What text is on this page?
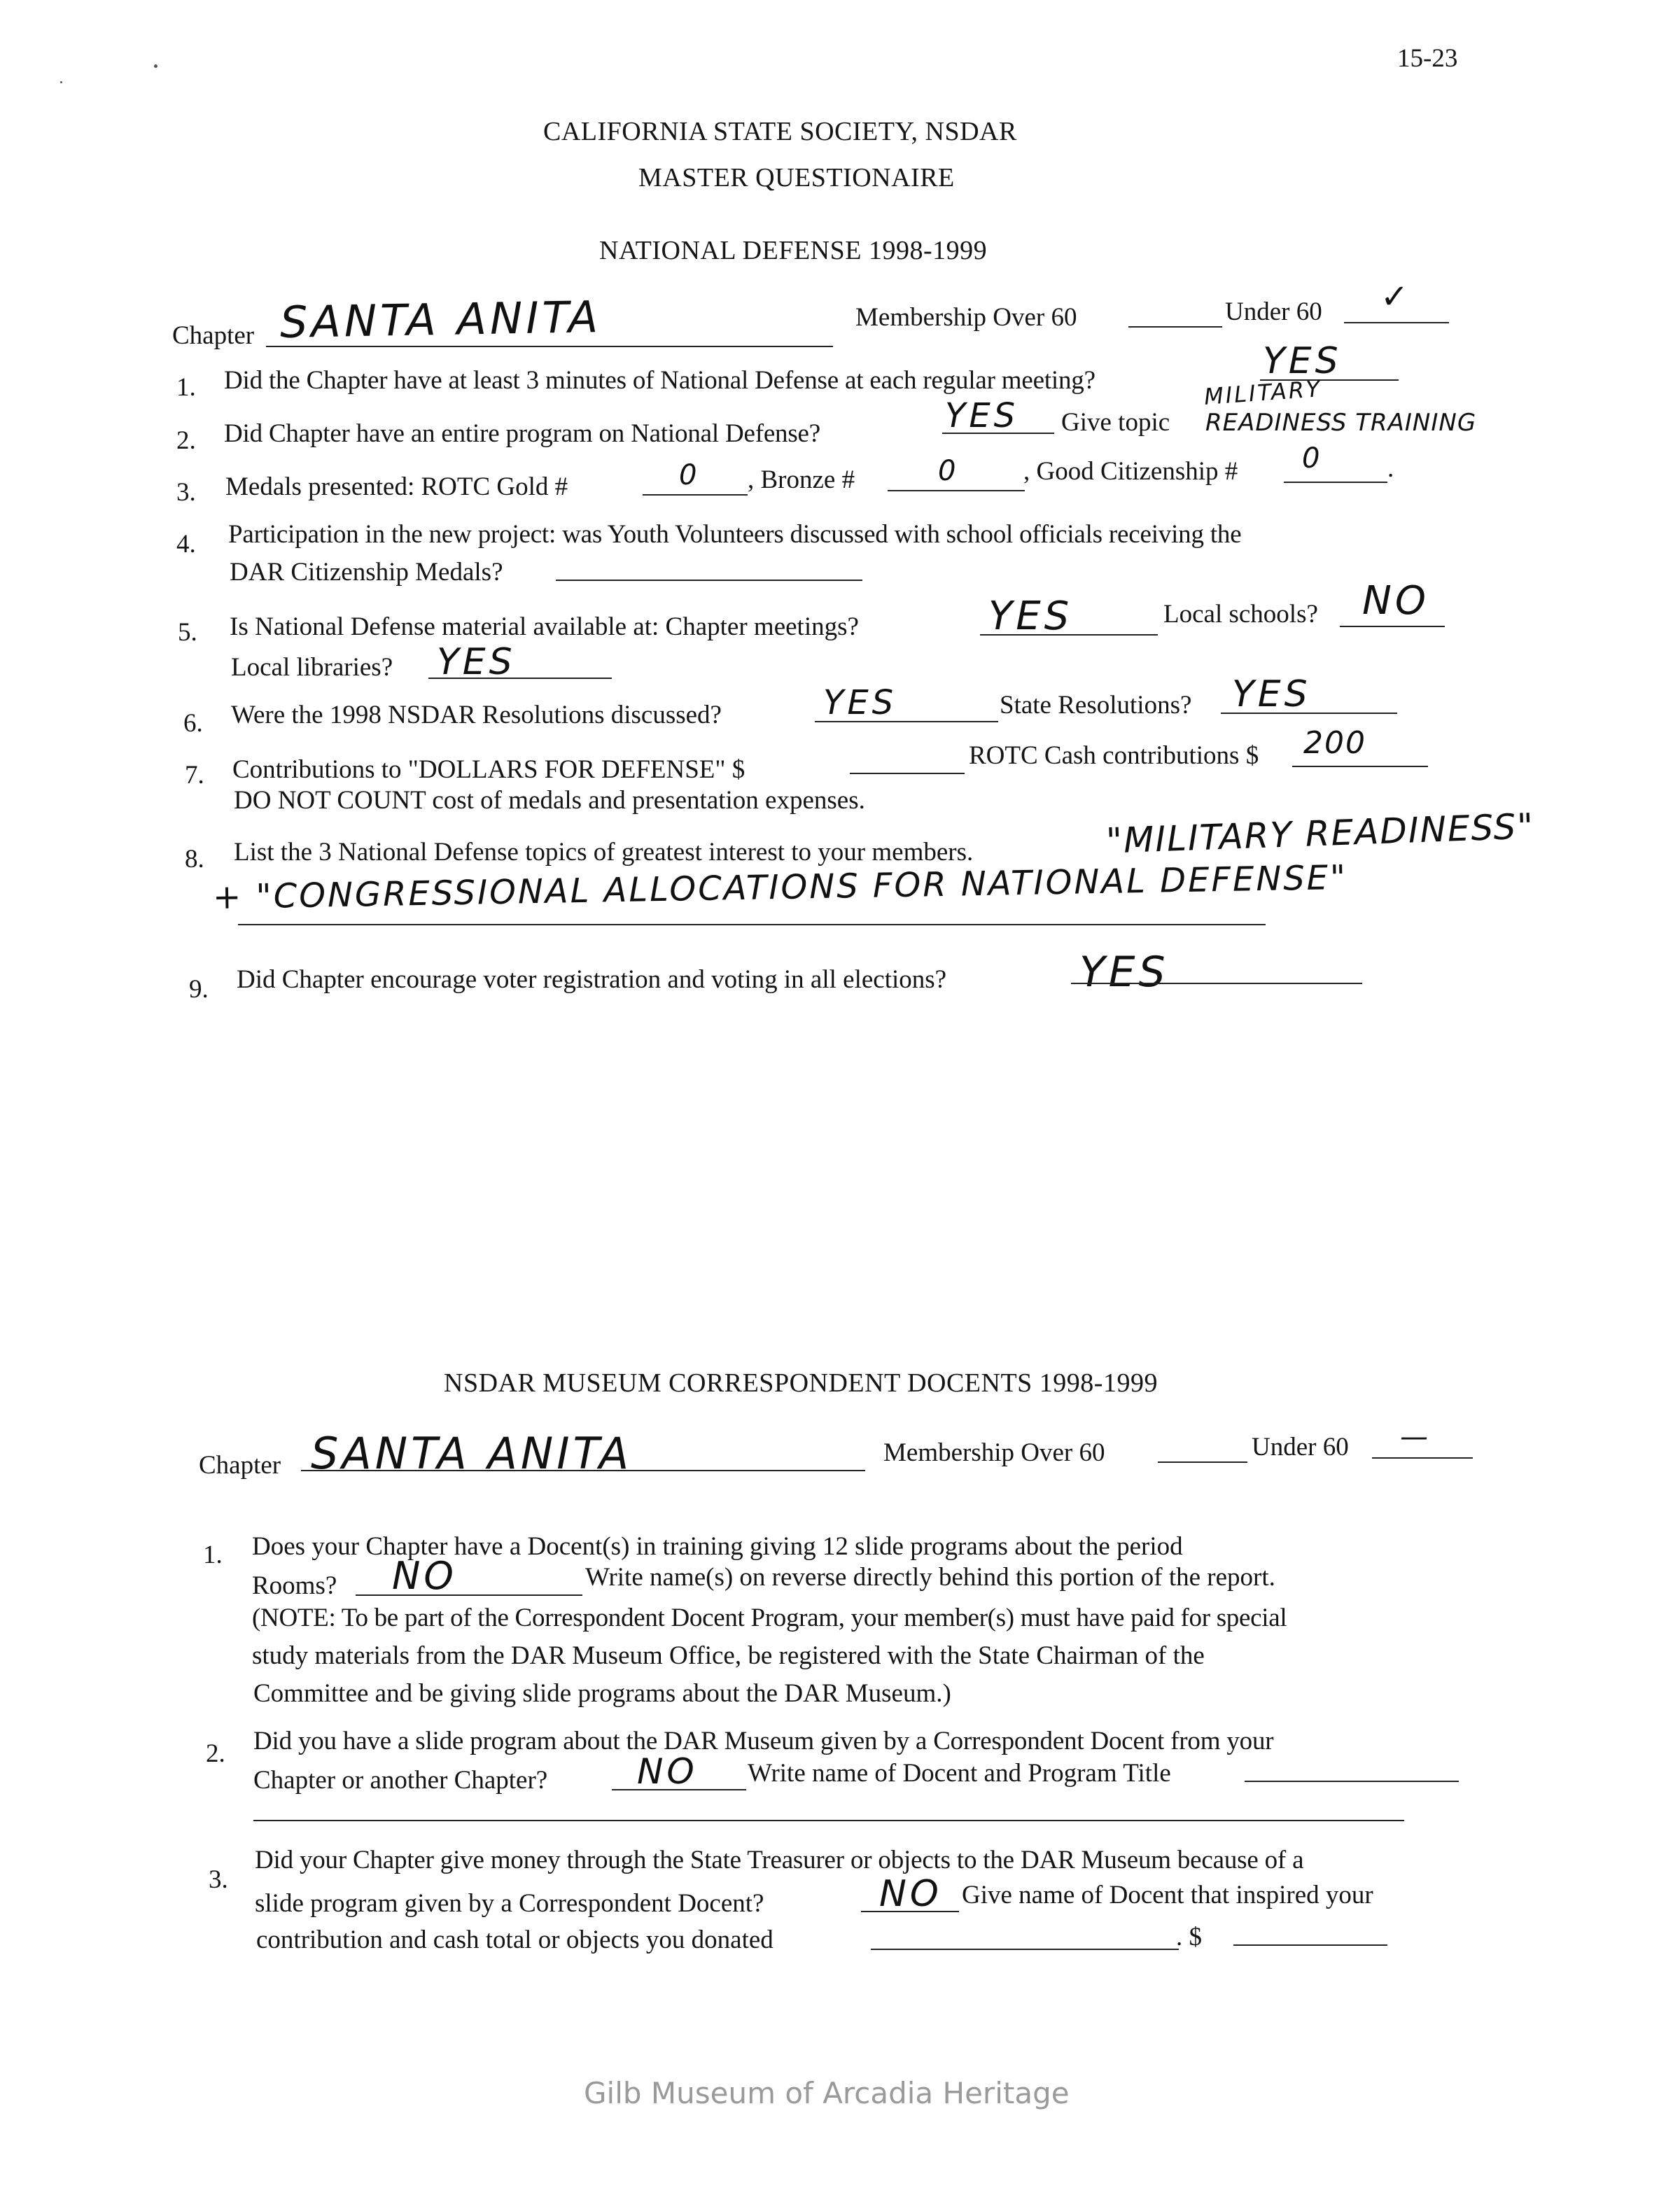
15-23
CALIFORNIA STATE SOCIETY, NSDAR
MASTER QUESTIONAIRE
NATIONAL DEFENSE 1998-1999
Chapter SANTA ANITA	Membership Over 60	Under 60 ✓
1. Did the Chapter have at least 3 minutes of National Defense at each regular meeting?	YES
2. Did Chapter have an entire program on National Defense?	YES Give topic
MILITARY
READINESS TRAINING
3. Medals presented: ROTC Gold #	0 , Bronze #	0 , Good Citizenship # 0 .
4. Participation in the new project: was Youth Volunteers discussed with school officials receiving the
DAR Citizenship Medals?
5. Is National Defense material available at: Chapter meetings?	YES	Local schools? NO
Local libraries? YES
6. Were the 1998 NSDAR Resolutions discussed?	YES	State Resolutions? YES
7. Contributions to "DOLLARS FOR DEFENSE" $	ROTC Cash contributions $ 200
DO NOT COUNT cost of medals and presentation expenses.
8. List the 3 National Defense topics of greatest interest to your members.	"MILITARY READINESS"
+ "CONGRESSIONAL ALLOCATIONS FOR NATIONAL DEFENSE"
9. Did Chapter encourage voter registration and voting in all elections?	YES
NSDAR MUSEUM CORRESPONDENT DOCENTS 1998-1999
Chapter SANTA ANITA	Membership Over 60	Under 60 —
1. Does your Chapter have a Docent(s) in training giving 12 slide programs about the period
Rooms? NO	Write name(s) on reverse directly behind this portion of the report.
(NOTE: To be part of the Correspondent Docent Program, your member(s) must have paid for special
study materials from the DAR Museum Office, be registered with the State Chairman of the
Committee and be giving slide programs about the DAR Museum.)
2. Did you have a slide program about the DAR Museum given by a Correspondent Docent from your
Chapter or another Chapter?	NO Write name of Docent and Program Title
3.
Did your Chapter give money through the State Treasurer or objects to the DAR Museum because of a
slide program given by a Correspondent Docent?	NO Give name of Docent that inspired your
contribution and cash total or objects you donated	. $
Gilb Museum of Arcadia Heritage
